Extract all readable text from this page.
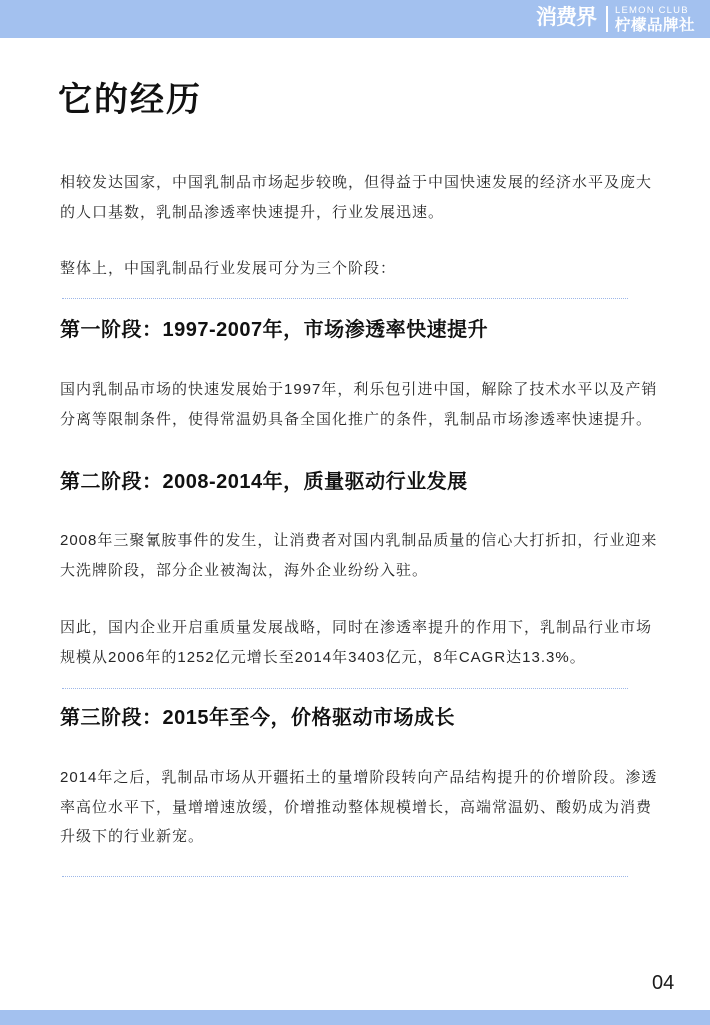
消费界 LEMON CLUB
柠檬品牌社
它的经历
相较发达国家，中国乳制品市场起步较晚，但得益于中国快速发展的经济水平及庞大
的人口基数，乳制品渗透率快速提升，行业发展迅速。
整体上，中国乳制品行业发展可分为三个阶段：
第一阶段：1997-2007年，市场渗透率快速提升
国内乳制品市场的快速发展始于1997年，利乐包引进中国，解除了技术水平以及产销
分离等限制条件，使得常温奶具备全国化推广的条件，乳制品市场渗透率快速提升。
第二阶段：2008-2014年，质量驱动行业发展
2008年三聚氰胺事件的发生，让消费者对国内乳制品质量的信心大打折扣，行业迎来
大洗牌阶段，部分企业被淘汰，海外企业纷纷入驻。
因此，国内企业开启重质量发展战略，同时在渗透率提升的作用下，乳制品行业市场
规模从2006年的1252亿元增长至2014年3403亿元，8年CAGR达13.3%。
第三阶段：2015年至今，价格驱动市场成长
2014年之后，乳制品市场从开疆拓土的量增阶段转向产品结构提升的价增阶段。渗透
率高位水平下，量增增速放缓，价增推动整体规模增长，高端常温奶、酸奶成为消费
升级下的行业新宠。
04
